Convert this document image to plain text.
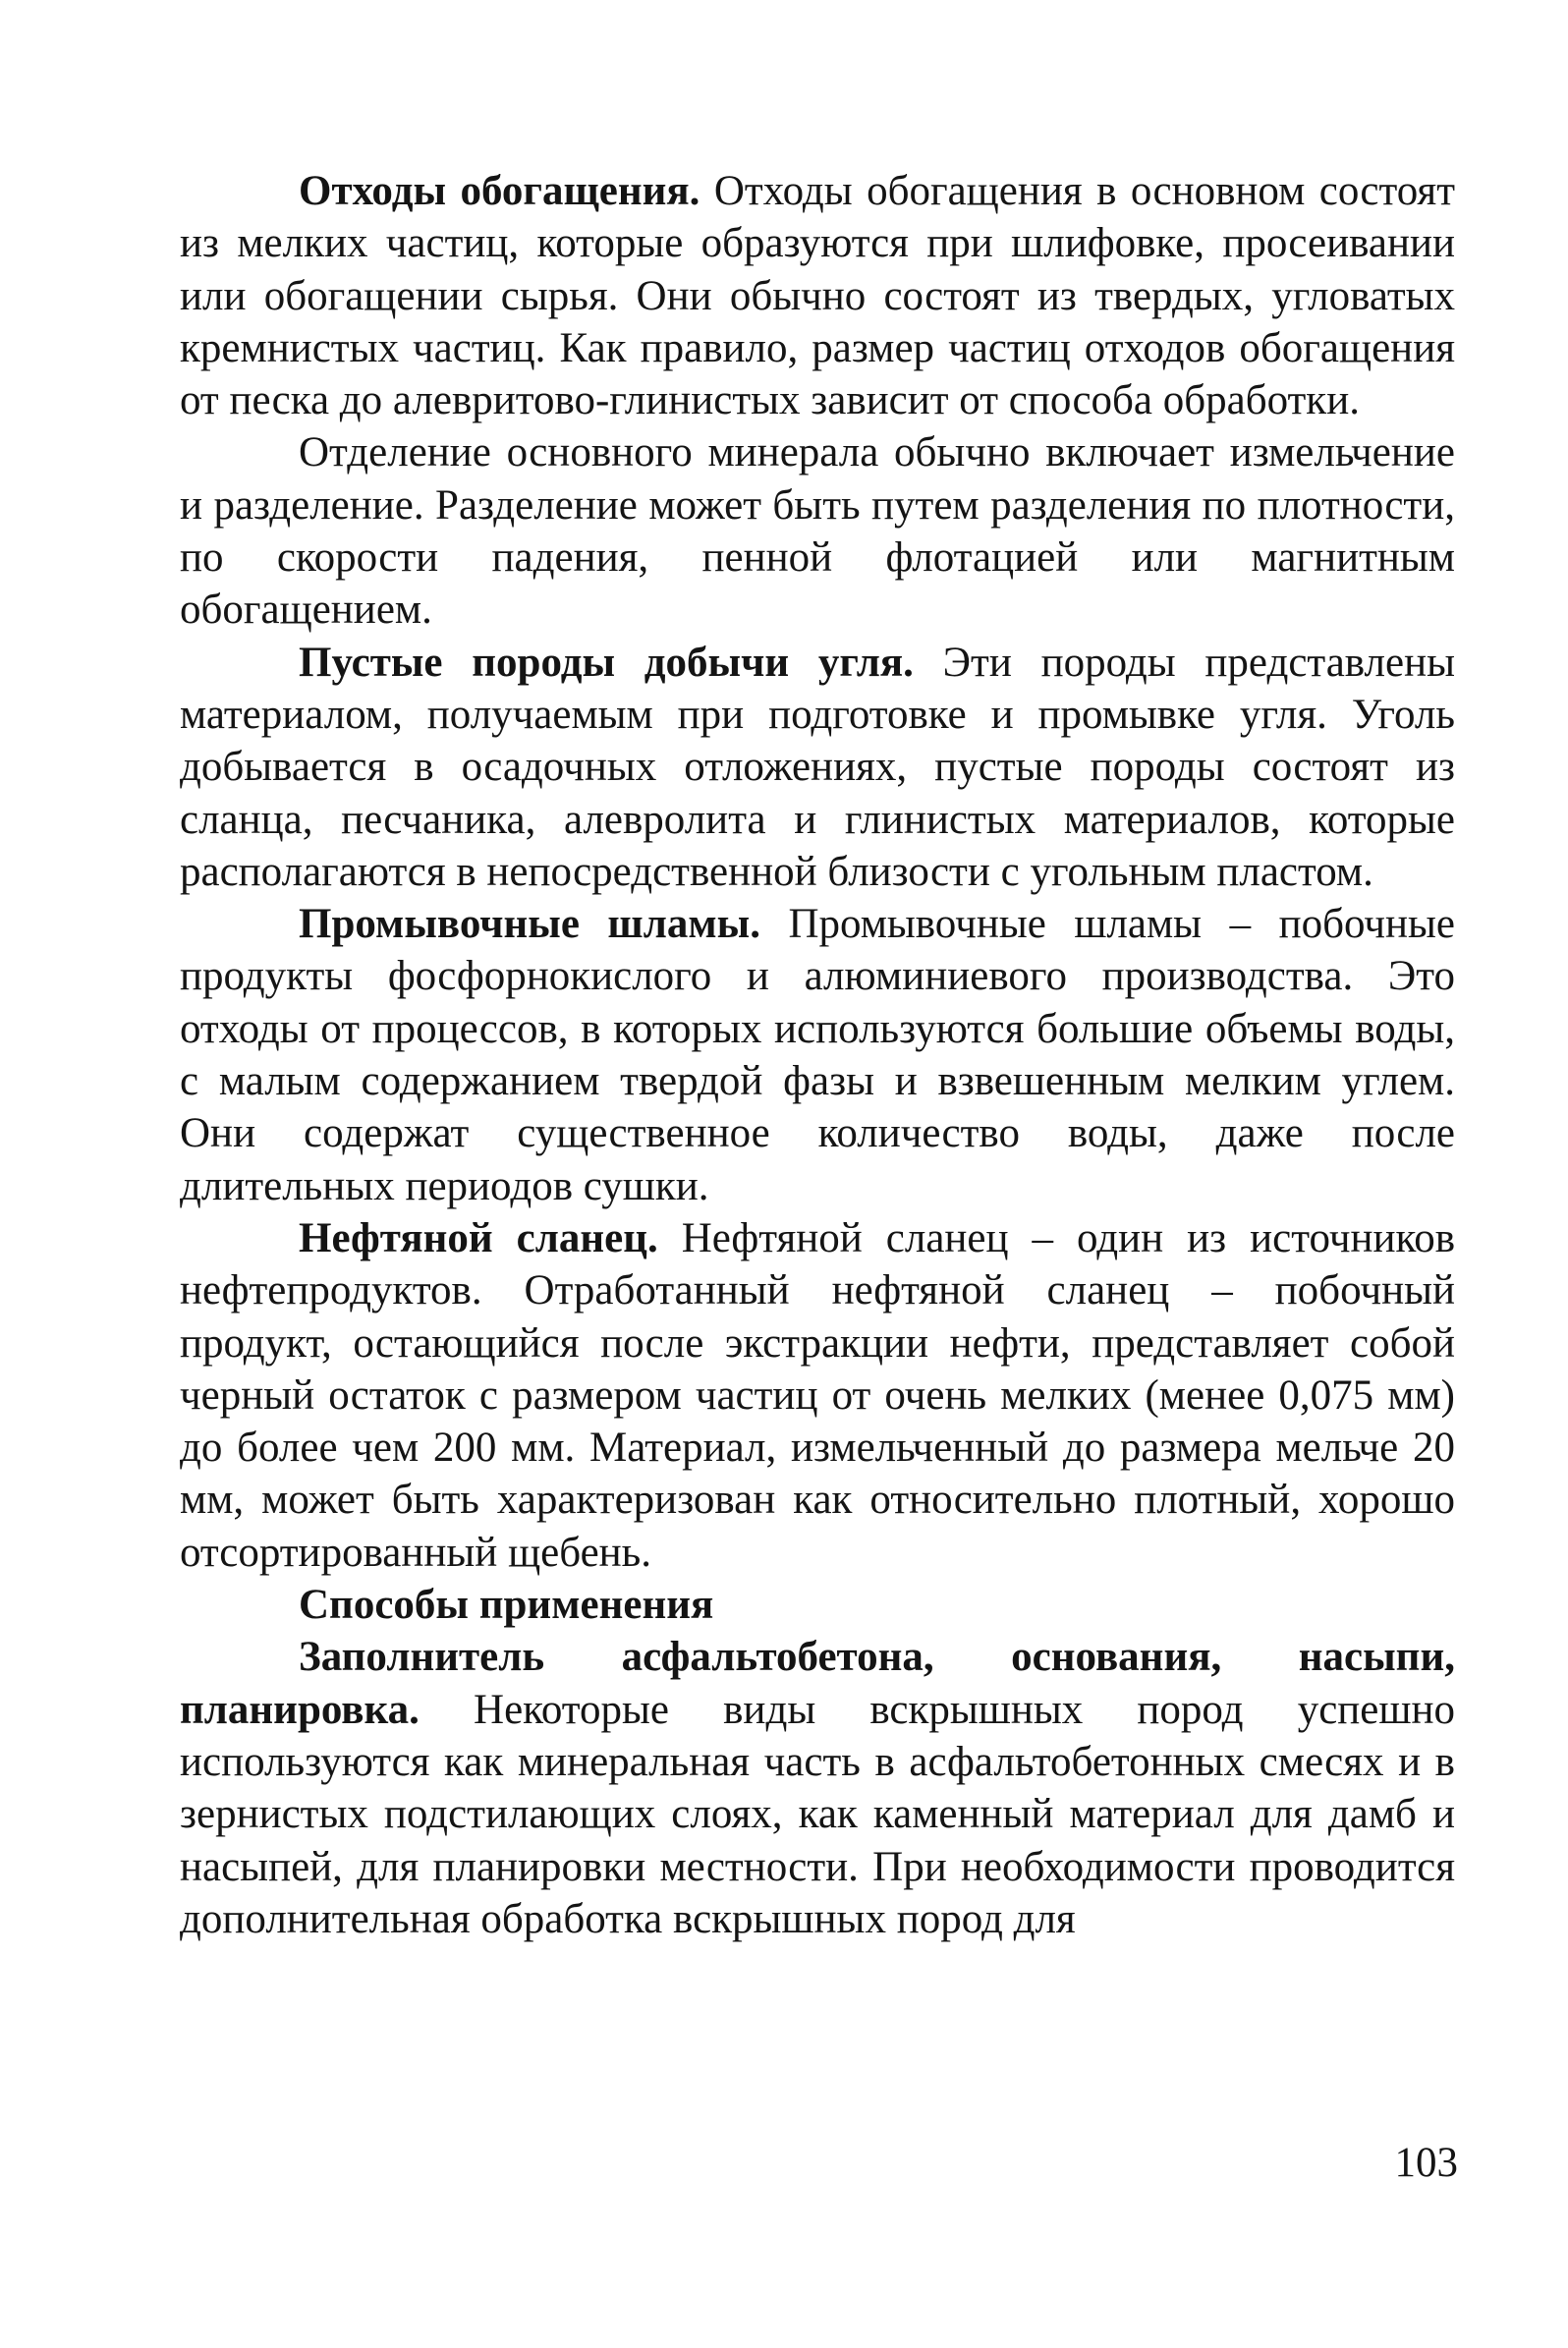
Отходы обогащения. Отходы обогащения в основном состоят из мелких частиц, которые образуются при шлифовке, просеивании или обогащении сырья. Они обычно состоят из твердых, угловатых кремнистых частиц. Как правило, размер частиц отходов обогащения от песка до алевритово-глинистых зависит от способа обработки.

Отделение основного минерала обычно включает измельчение и разделение. Разделение может быть путем разделения по плотности, по скорости падения, пенной флотацией или магнитным обогащением.

Пустые породы добычи угля. Эти породы представлены материалом, получаемым при подготовке и промывке угля. Уголь добывается в осадочных отложениях, пустые породы состоят из сланца, песчаника, алевролита и глинистых материалов, которые располагаются в непосредственной близости с угольным пластом.

Промывочные шламы. Промывочные шламы – побочные продукты фосфорнокислого и алюминиевого производства. Это отходы от процессов, в которых используются большие объемы воды, с малым содержанием твердой фазы и взвешенным мелким углем. Они содержат существенное количество воды, даже после длительных периодов сушки.

Нефтяной сланец. Нефтяной сланец – один из источников нефтепродуктов. Отработанный нефтяной сланец – побочный продукт, остающийся после экстракции нефти, представляет собой черный остаток с размером частиц от очень мелких (менее 0,075 мм) до более чем 200 мм. Материал, измельченный до размера мельче 20 мм, может быть характеризован как относительно плотный, хорошо отсортированный щебень.

Способы применения

Заполнитель асфальтобетона, основания, насыпи, планировка. Некоторые виды вскрышных пород успешно используются как минеральная часть в асфальтобетонных смесях и в зернистых подстилающих слоях, как каменный материал для дамб и насыпей, для планировки местности. При необходимости проводится дополнительная обработка вскрышных пород для

103
